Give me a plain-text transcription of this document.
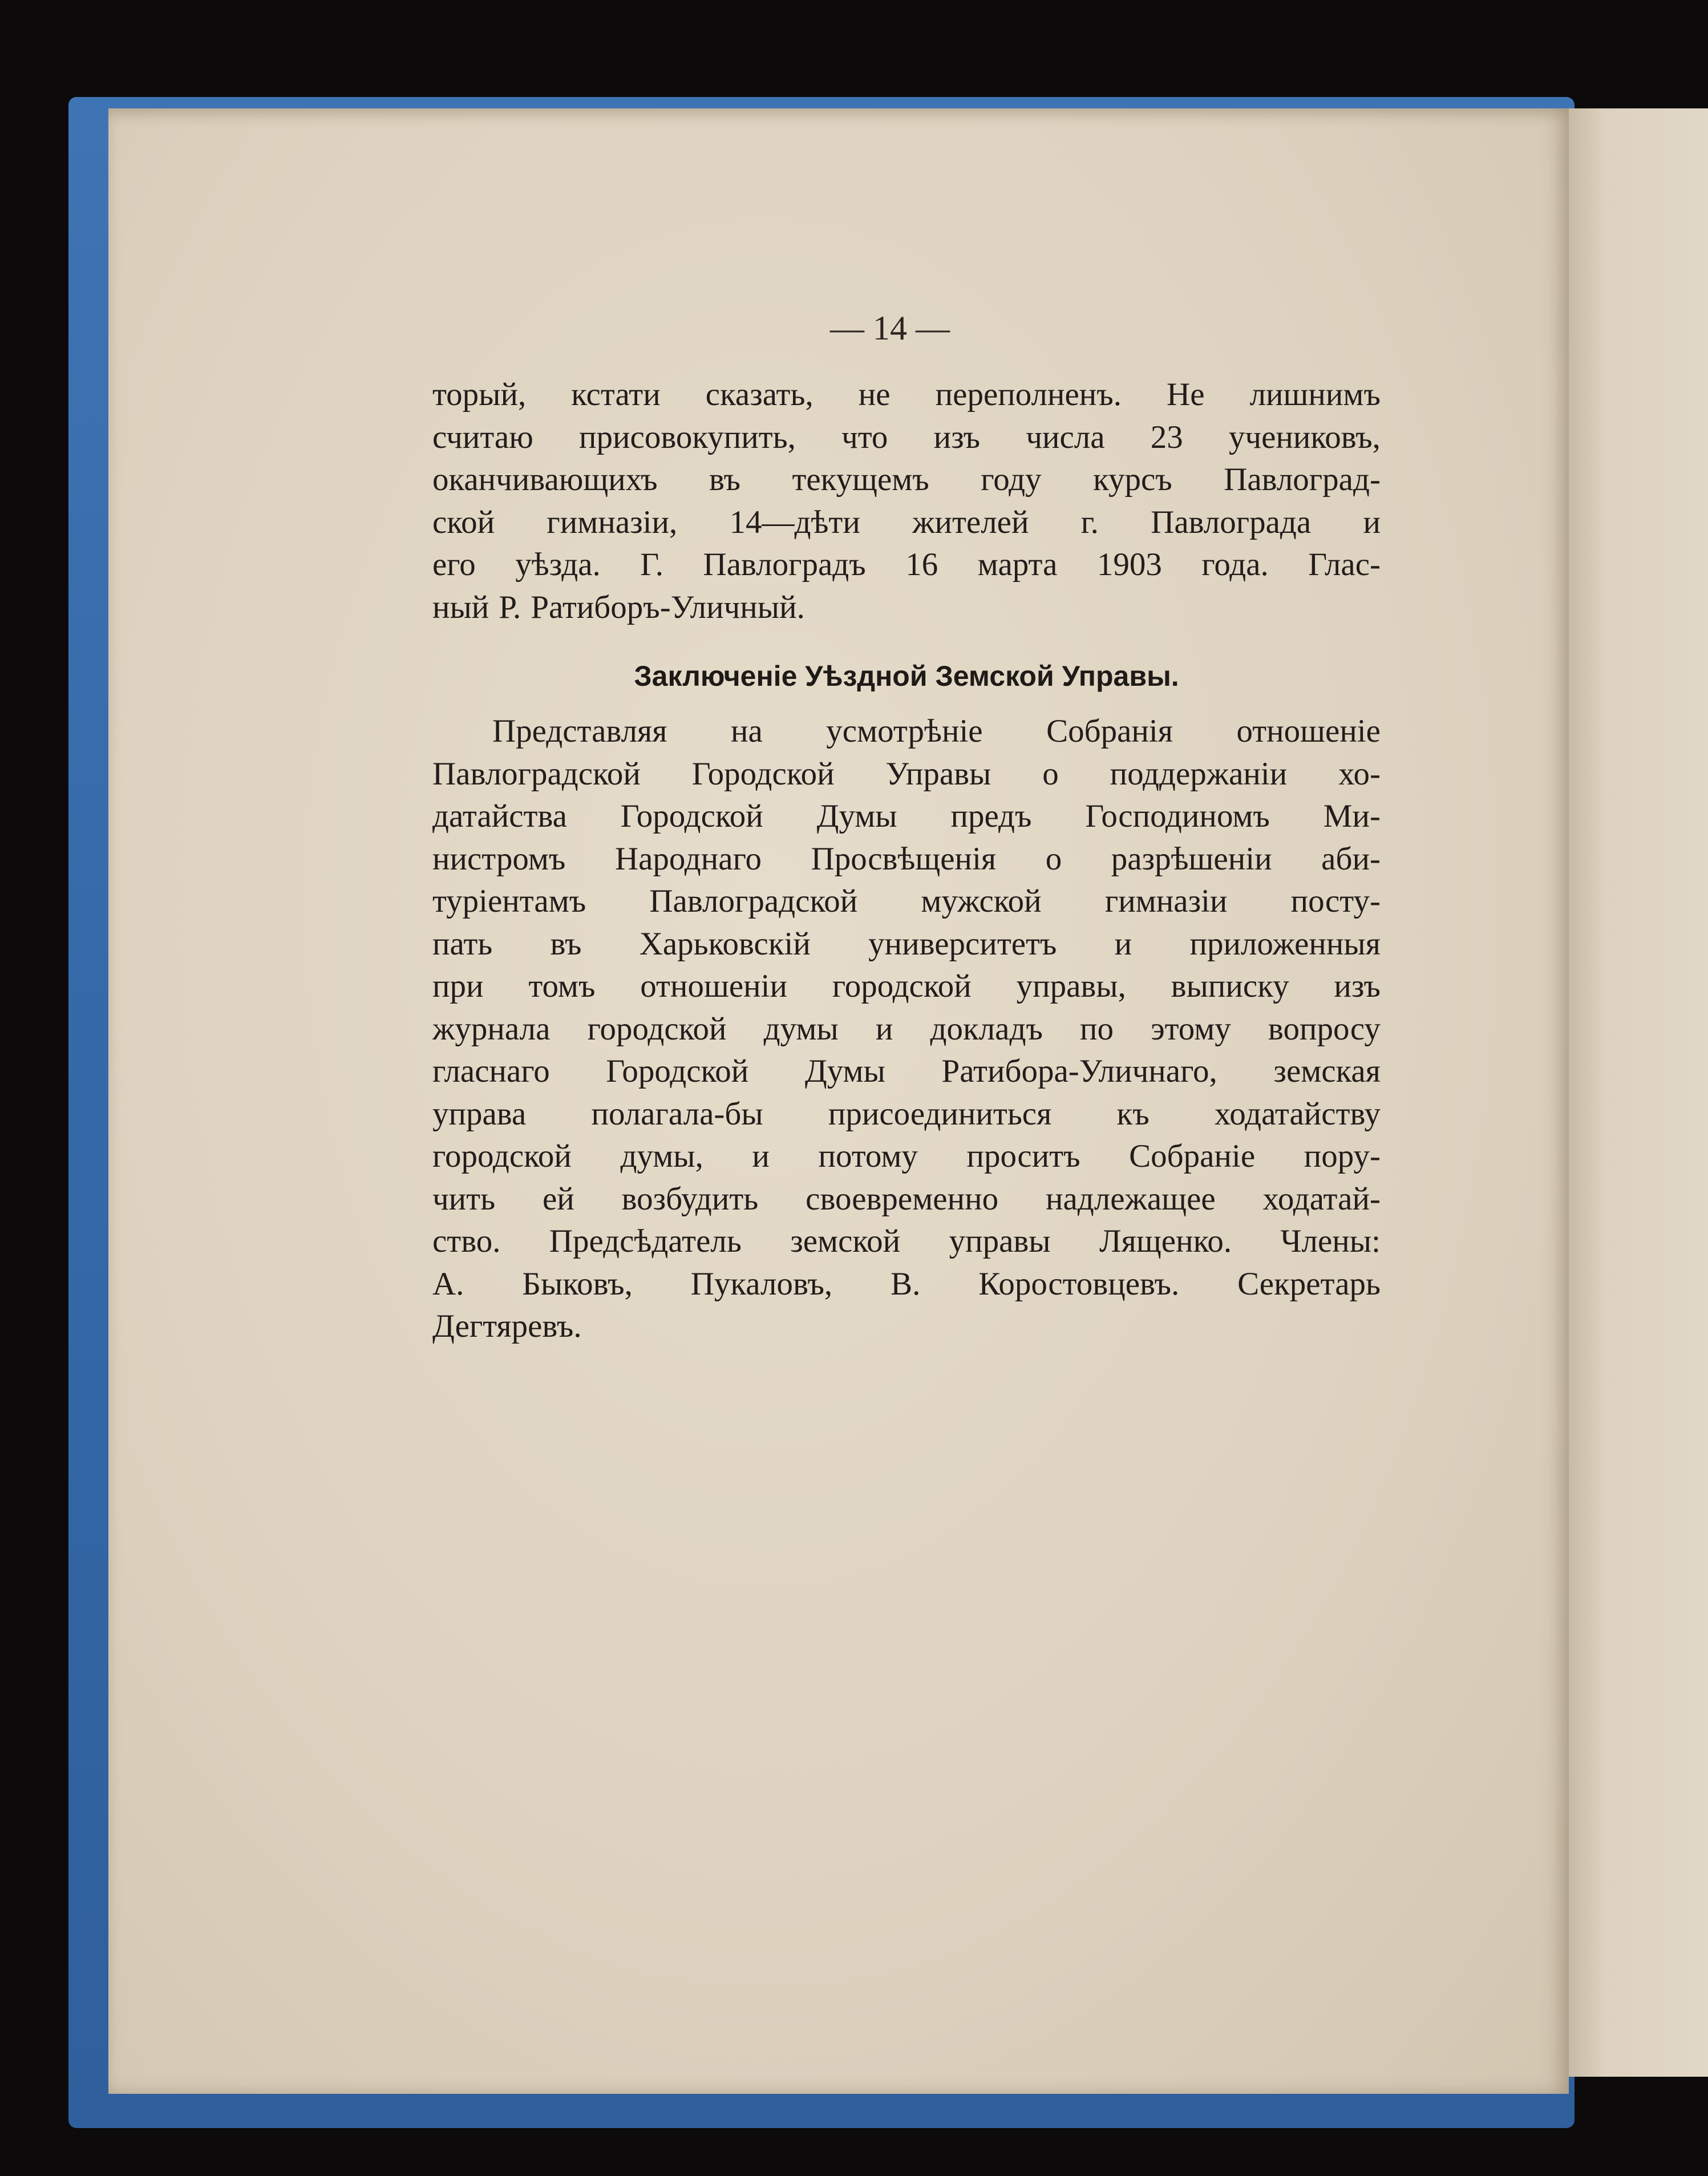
— 14 —
торый, кстати сказать, не переполненъ. Не лишнимъ
считаю присовокупить, что изъ числа 23 учениковъ,
оканчивающихъ въ текущемъ году курсъ Павлоград-
ской гимназіи, 14—дѣти жителей г. Павлограда и
его уѣзда. Г. Павлоградъ 16 марта 1903 года. Глас-
ный Р. Ратиборъ-Уличный.
Заключеніе Уѣздной Земской Управы.
Представляя на усмотрѣніе Собранія отношеніе
Павлоградской Городской Управы о поддержаніи хо-
датайства Городской Думы предъ Господиномъ Ми-
нистромъ Народнаго Просвѣщенія о разрѣшеніи аби-
туріентамъ Павлоградской мужской гимназіи посту-
пать въ Харьковскій университетъ и приложенныя
при томъ отношеніи городской управы, выписку изъ
журнала городской думы и докладъ по этому вопросу
гласнаго Городской Думы Ратибора-Уличнаго, земская
управа полагала-бы присоединиться къ ходатайству
городской думы, и потому проситъ Собраніе пору-
чить ей возбудить своевременно надлежащее ходатай-
ство. Предсѣдатель земской управы Лященко. Члены:
А. Быковъ, Пукаловъ, В. Коростовцевъ. Секретарь
Дегтяревъ.
